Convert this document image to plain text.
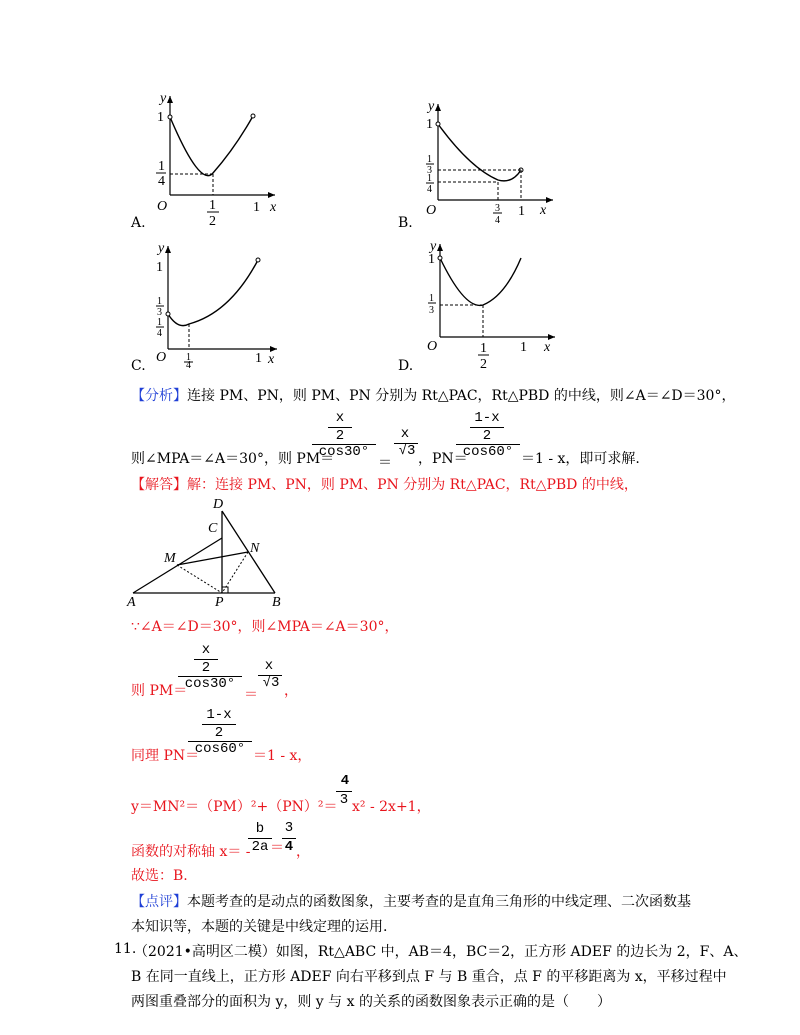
1
1
4
1
2
1
O	x
y
A.
1
1
3
1
4
3
4
1
O	x
y
B.
1
1
3
1
4
1
4	1
O	x
y
C.
1
1
3
1
2
1
O	x
y
D.
【分析】连接 PM、PN，则 PM、PN 分别为 Rt△PAC，Rt△PBD 的中线，则∠A＝∠D＝30°，
则∠MPA＝∠A＝30°，则 PM＝
x
2
cos30°
＝
x
√3 ，PN＝
1-x
2
cos60° ＝1 - x，即可求解.
【解答】解：连接 PM、PN，则 PM、PN 分别为 Rt△PAC，Rt△PBD 的中线，
A	B
C
D
M
N
P
∵∠A＝∠D＝30°，则∠MPA＝∠A＝30°，
则 PM＝
x
2
cos30°
＝
x
√3 ，
同理 PN＝
1-x
2
cos60° ＝1 - x，
y＝MN²＝（PM）²+（PN）²＝
4
3 x² - 2x+1，
函数的对称轴 x＝ -
b
2a ＝
3
4 ，
故选：B.
【点评】本题考查的是动点的函数图象，主要考查的是直角三角形的中线定理、二次函数基
本知识等，本题的关键是中线定理的运用.
11.
（2021•高明区二模）如图，Rt△ABC 中，AB＝4，BC＝2，正方形 ADEF 的边长为 2，F、A、
B 在同一直线上，正方形 ADEF 向右平移到点 F 与 B 重合，点 F 的平移距离为 x，平移过程中
两图重叠部分的面积为 y，则 y 与 x 的关系的函数图象表示正确的是（　　）
